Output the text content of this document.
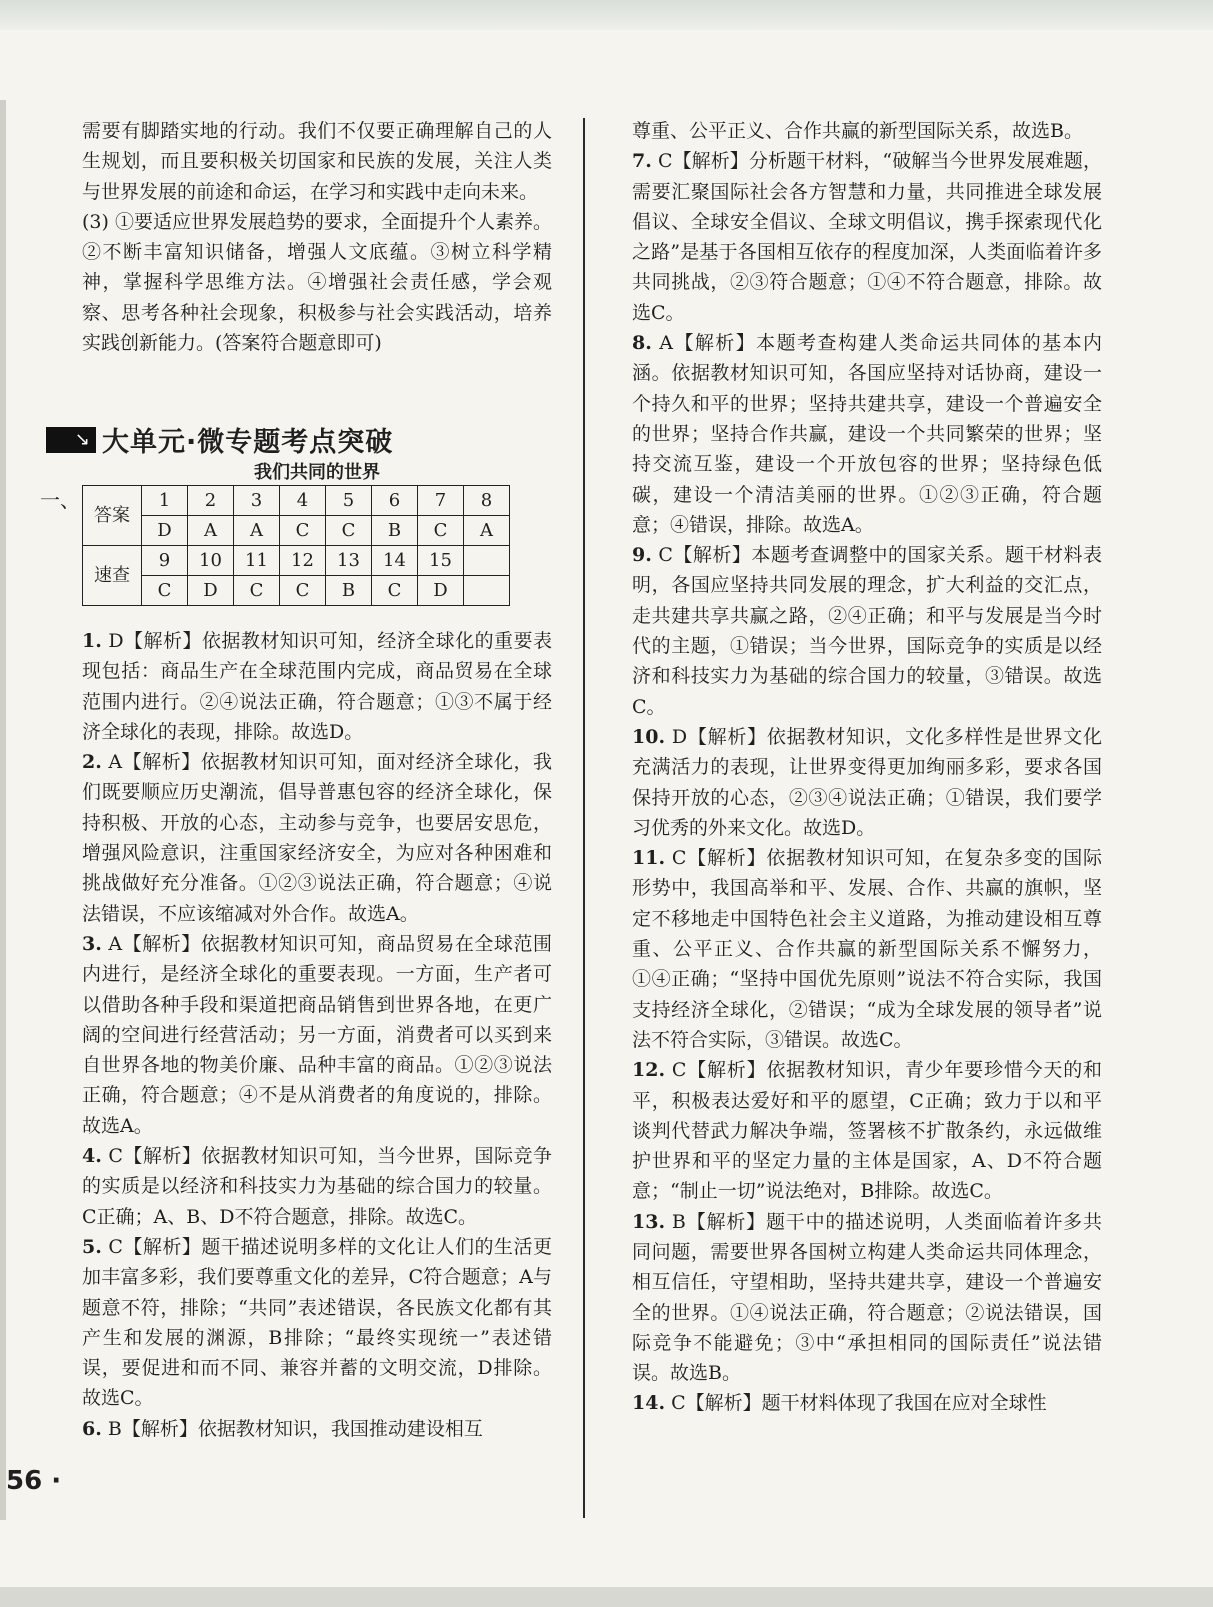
需要有脚踏实地的行动。我们不仅要正确理解自己的人生规划，而且要积极关切国家和民族的发展，关注人类与世界发展的前途和命运，在学习和实践中走向未来。

(3) ①要适应世界发展趋势的要求，全面提升个人素养。②不断丰富知识储备，增强人文底蕴。③树立科学精神，掌握科学思维方法。④增强社会责任感，学会观察、思考各种社会现象，积极参与社会实践活动，培养实践创新能力。(答案符合题意即可)

↘
大单元·微专题考点突破
我们共同的世界
一、
答案	1	2	3	4	5	6	7	8
	D	A	A	C	C	B	C	A
速查	9	10	11	12	13	14	15	
	C	D	C	C	B	C	D	

1. D【解析】依据教材知识可知，经济全球化的重要表现包括：商品生产在全球范围内完成，商品贸易在全球范围内进行。②④说法正确，符合题意；①③不属于经济全球化的表现，排除。故选D。

2. A【解析】依据教材知识可知，面对经济全球化，我们既要顺应历史潮流，倡导普惠包容的经济全球化，保持积极、开放的心态，主动参与竞争，也要居安思危，增强风险意识，注重国家经济安全，为应对各种困难和挑战做好充分准备。①②③说法正确，符合题意；④说法错误，不应该缩减对外合作。故选A。

3. A【解析】依据教材知识可知，商品贸易在全球范围内进行，是经济全球化的重要表现。一方面，生产者可以借助各种手段和渠道把商品销售到世界各地，在更广阔的空间进行经营活动；另一方面，消费者可以买到来自世界各地的物美价廉、品种丰富的商品。①②③说法正确，符合题意；④不是从消费者的角度说的，排除。故选A。

4. C【解析】依据教材知识可知，当今世界，国际竞争的实质是以经济和科技实力为基础的综合国力的较量。C正确；A、B、D不符合题意，排除。故选C。

5. C【解析】题干描述说明多样的文化让人们的生活更加丰富多彩，我们要尊重文化的差异，C符合题意；A与题意不符，排除；“共同”表述错误，各民族文化都有其产生和发展的渊源，B排除；“最终实现统一”表述错误，要促进和而不同、兼容并蓄的文明交流，D排除。故选C。

6. B【解析】依据教材知识，我国推动建设相互

尊重、公平正义、合作共赢的新型国际关系，故选B。

7. C【解析】分析题干材料，“破解当今世界发展难题，需要汇聚国际社会各方智慧和力量，共同推进全球发展倡议、全球安全倡议、全球文明倡议，携手探索现代化之路”是基于各国相互依存的程度加深，人类面临着许多共同挑战，②③符合题意；①④不符合题意，排除。故选C。

8. A【解析】本题考查构建人类命运共同体的基本内涵。依据教材知识可知，各国应坚持对话协商，建设一个持久和平的世界；坚持共建共享，建设一个普遍安全的世界；坚持合作共赢，建设一个共同繁荣的世界；坚持交流互鉴，建设一个开放包容的世界；坚持绿色低碳，建设一个清洁美丽的世界。①②③正确，符合题意；④错误，排除。故选A。

9. C【解析】本题考查调整中的国家关系。题干材料表明，各国应坚持共同发展的理念，扩大利益的交汇点，走共建共享共赢之路，②④正确；和平与发展是当今时代的主题，①错误；当今世界，国际竞争的实质是以经济和科技实力为基础的综合国力的较量，③错误。故选C。

10. D【解析】依据教材知识，文化多样性是世界文化充满活力的表现，让世界变得更加绚丽多彩，要求各国保持开放的心态，②③④说法正确；①错误，我们要学习优秀的外来文化。故选D。

11. C【解析】依据教材知识可知，在复杂多变的国际形势中，我国高举和平、发展、合作、共赢的旗帜，坚定不移地走中国特色社会主义道路，为推动建设相互尊重、公平正义、合作共赢的新型国际关系不懈努力，①④正确；“坚持中国优先原则”说法不符合实际，我国支持经济全球化，②错误；“成为全球发展的领导者”说法不符合实际，③错误。故选C。

12. C【解析】依据教材知识，青少年要珍惜今天的和平，积极表达爱好和平的愿望，C正确；致力于以和平谈判代替武力解决争端，签署核不扩散条约，永远做维护世界和平的坚定力量的主体是国家，A、D不符合题意；“制止一切”说法绝对，B排除。故选C。

13. B【解析】题干中的描述说明，人类面临着许多共同问题，需要世界各国树立构建人类命运共同体理念，相互信任，守望相助，坚持共建共享，建设一个普遍安全的世界。①④说法正确，符合题意；②说法错误，国际竞争不能避免；③中“承担相同的国际责任”说法错误。故选B。

14. C【解析】题干材料体现了我国在应对全球性

56 ·
